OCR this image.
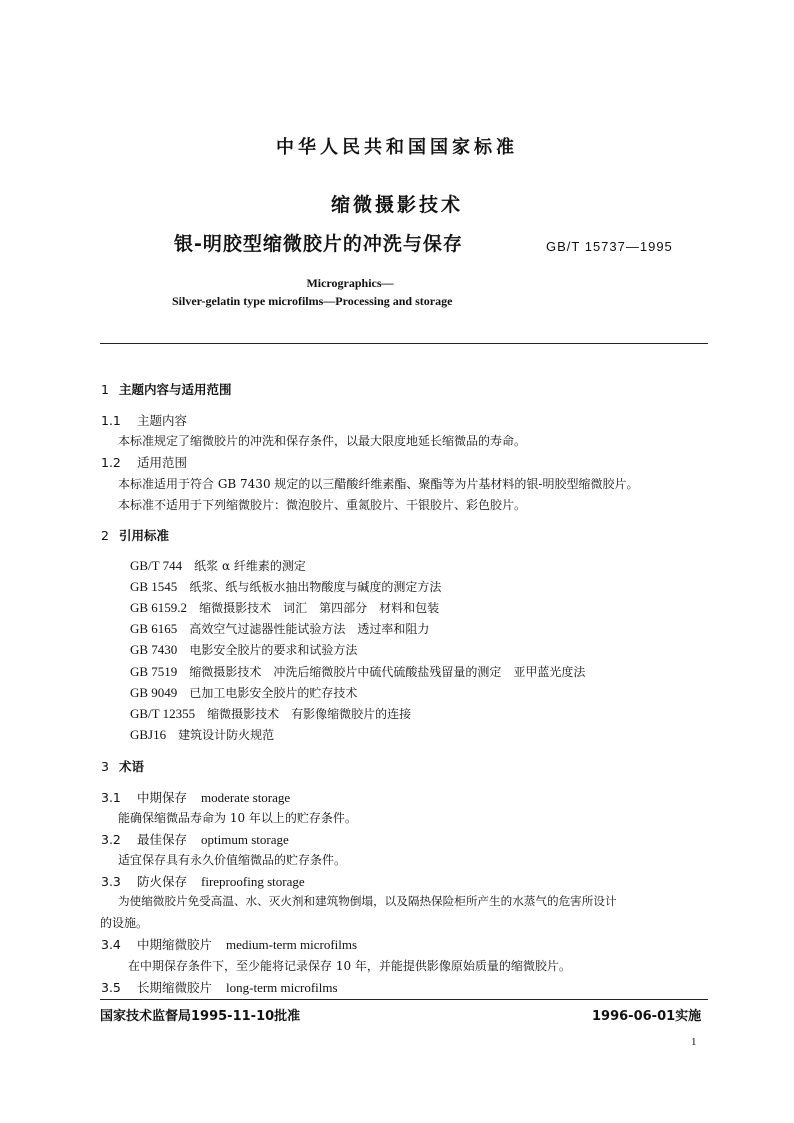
中华人民共和国国家标准
缩微摄影技术
银-明胶型缩微胶片的冲洗与保存	GB/T 15737—1995
Micrographics—
Silver-gelatin type microfilms—Processing and storage
1 主题内容与适用范围
1.1 主题内容
本标准规定了缩微胶片的冲洗和保存条件，以最大限度地延长缩微品的寿命。
1.2 适用范围
本标准适用于符合 GB 7430 规定的以三醋酸纤维素酯、聚酯等为片基材料的银-明胶型缩微胶片。
本标准不适用于下列缩微胶片：微泡胶片、重氮胶片、干银胶片、彩色胶片。
2 引用标准
GB/T 744 纸浆 α 纤维素的测定
GB 1545 纸浆、纸与纸板水抽出物酸度与碱度的测定方法
GB 6159.2 缩微摄影技术　词汇　第四部分　材料和包装
GB 6165 高效空气过滤器性能试验方法　透过率和阻力
GB 7430 电影安全胶片的要求和试验方法
GB 7519 缩微摄影技术　冲洗后缩微胶片中硫代硫酸盐残留量的测定　亚甲蓝光度法
GB 9049 已加工电影安全胶片的贮存技术
GB/T 12355 缩微摄影技术　有影像缩微胶片的连接
GBJ16 建筑设计防火规范
3 术语
3.1 中期保存 moderate storage
能确保缩微品寿命为 10 年以上的贮存条件。
3.2 最佳保存 optimum storage
适宜保存具有永久价值缩微品的贮存条件。
3.3 防火保存 fireproofing storage
为使缩微胶片免受高温、水、灭火剂和建筑物倒塌，以及隔热保险柜所产生的水蒸气的危害所设计
的设施。
3.4 中期缩微胶片 medium-term microfilms
在中期保存条件下，至少能将记录保存 10 年，并能提供影像原始质量的缩微胶片。
3.5 长期缩微胶片 long-term microfilms
国家技术监督局1995-11-10批准	1996-06-01实施
1
